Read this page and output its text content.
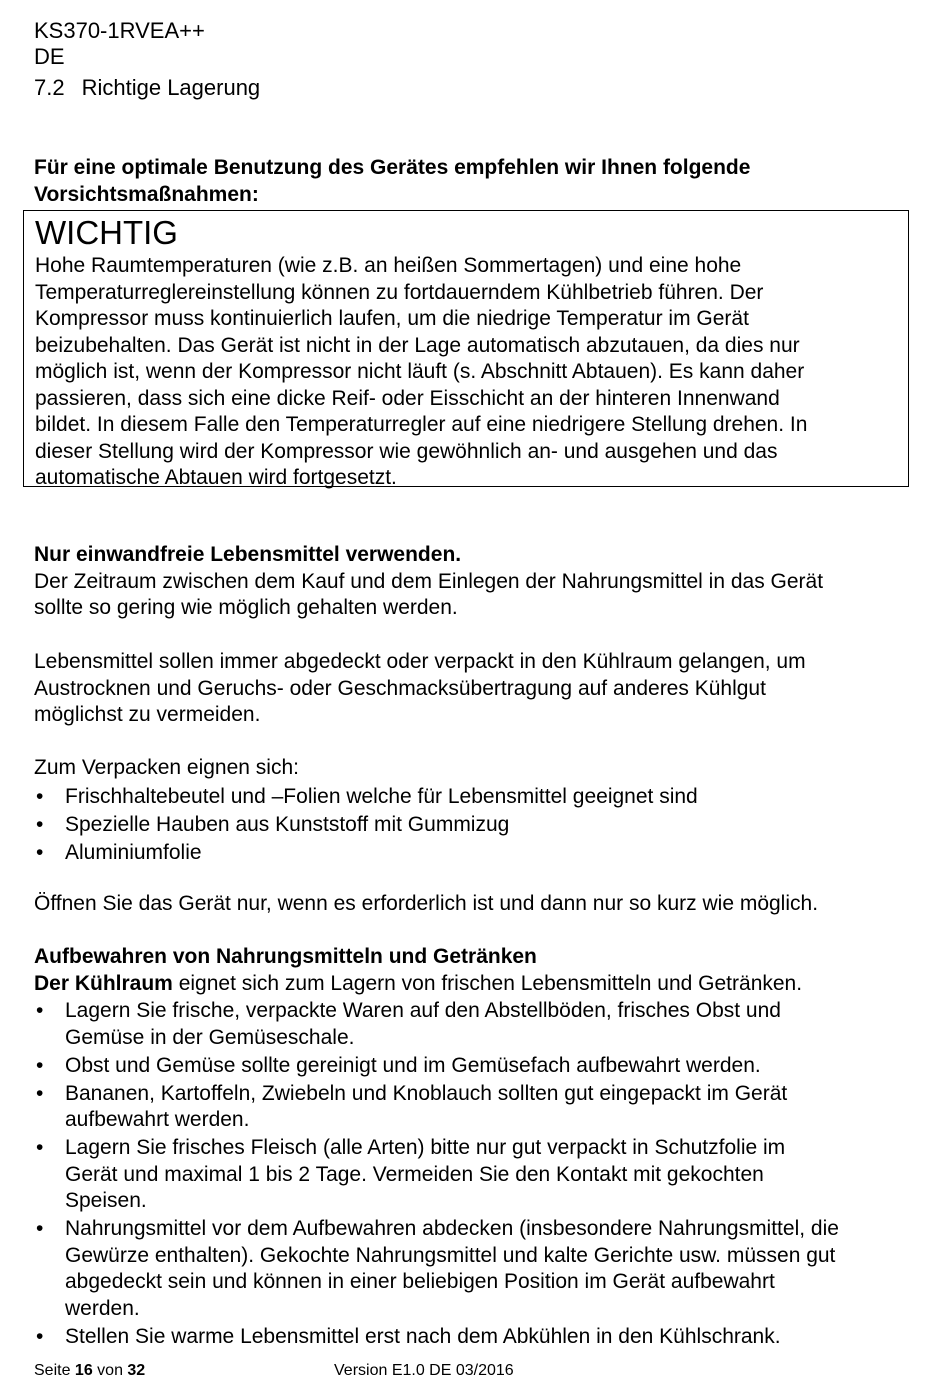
KS370-1RVEA++
DE
7.2 Richtige Lagerung

Für eine optimale Benutzung des Gerätes empfehlen wir Ihnen folgende

Vorsichtsmaßnahmen:

WICHTIG

Hohe Raumtemperaturen (wie z.B. an heißen Sommertagen) und eine hohe

Temperaturreglereinstellung können zu fortdauerndem Kühlbetrieb führen. Der

Kompressor muss kontinuierlich laufen, um die niedrige Temperatur im Gerät

beizubehalten. Das Gerät ist nicht in der Lage automatisch abzutauen, da dies nur

möglich ist, wenn der Kompressor nicht läuft (s. Abschnitt Abtauen). Es kann daher

passieren, dass sich eine dicke Reif- oder Eisschicht an der hinteren Innenwand

bildet. In diesem Falle den Temperaturregler auf eine niedrigere Stellung drehen. In

dieser Stellung wird der Kompressor wie gewöhnlich an- und ausgehen und das

automatische Abtauen wird fortgesetzt.

Nur einwandfreie Lebensmittel verwenden.

Der Zeitraum zwischen dem Kauf und dem Einlegen der Nahrungsmittel in das Gerät

sollte so gering wie möglich gehalten werden.

Lebensmittel sollen immer abgedeckt oder verpackt in den Kühlraum gelangen, um

Austrocknen und Geruchs- oder Geschmacksübertragung auf anderes Kühlgut

möglichst zu vermeiden.

Zum Verpacken eignen sich:

• Frischhaltebeutel und –Folien welche für Lebensmittel geeignet sind
• Spezielle Hauben aus Kunststoff mit Gummizug
• Aluminiumfolie
Öffnen Sie das Gerät nur, wenn es erforderlich ist und dann nur so kurz wie möglich.

Aufbewahren von Nahrungsmitteln und Getränken

Der Kühlraum eignet sich zum Lagern von frischen Lebensmitteln und Getränken.

• Lagern Sie frische, verpackte Waren auf den Abstellböden, frisches Obst und
Gemüse in der Gemüseschale.
• Obst und Gemüse sollte gereinigt und im Gemüsefach aufbewahrt werden.
• Bananen, Kartoffeln, Zwiebeln und Knoblauch sollten gut eingepackt im Gerät
aufbewahrt werden.
• Lagern Sie frisches Fleisch (alle Arten) bitte nur gut verpackt in Schutzfolie im
Gerät und maximal 1 bis 2 Tage. Vermeiden Sie den Kontakt mit gekochten
Speisen.
• Nahrungsmittel vor dem Aufbewahren abdecken (insbesondere Nahrungsmittel, die
Gewürze enthalten). Gekochte Nahrungsmittel und kalte Gerichte usw. müssen gut
abgedeckt sein und können in einer beliebigen Position im Gerät aufbewahrt
werden.
• Stellen Sie warme Lebensmittel erst nach dem Abkühlen in den Kühlschrank.
Seite 16 von 32	Version E1.0 DE 03/2016
